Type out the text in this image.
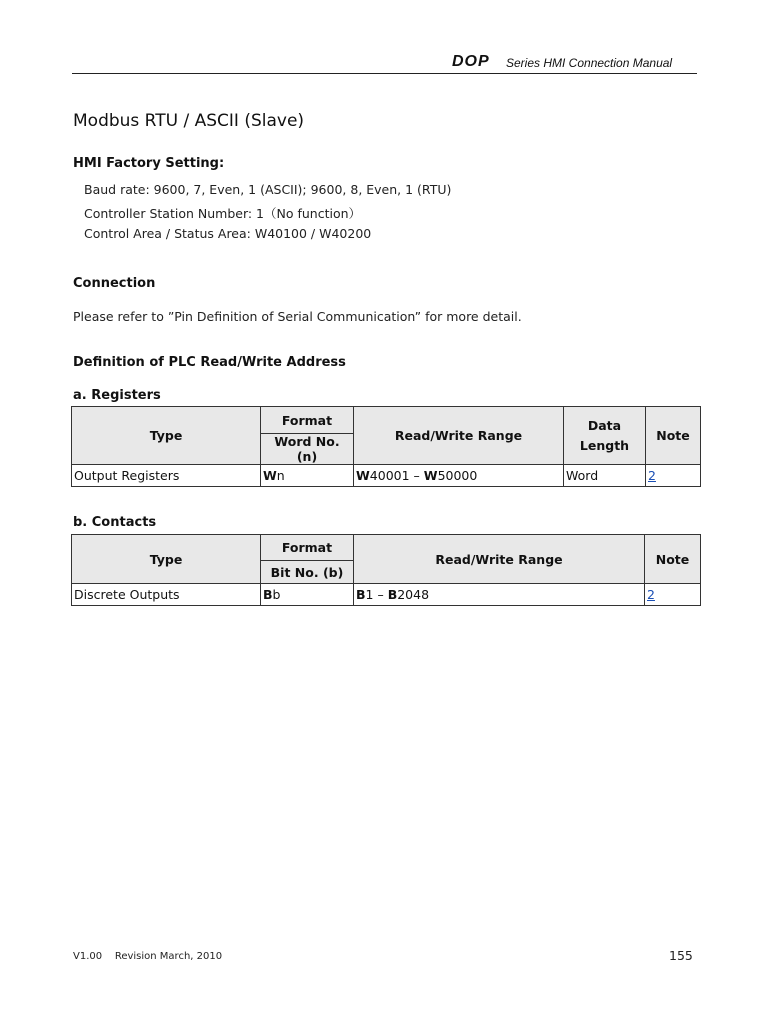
DOP Series HMI Connection Manual
Modbus RTU / ASCII (Slave)
HMI Factory Setting:
Baud rate: 9600, 7, Even, 1 (ASCII); 9600, 8, Even, 1 (RTU)
Controller Station Number: 1（No function）
Control Area / Status Area: W40100 / W40200
Connection
Please refer to ”Pin Definition of Serial Communication” for more detail.
Definition of PLC Read/Write Address
a. Registers
Type	Format	Read/Write Range	Data Length	Note
	Word No. (n)			
Output Registers	Wn	W40001 – W50000	Word	2
b. Contacts
Type	Format	Read/Write Range	Note
	Bit No. (b)		
Discrete Outputs	Bb	B1 – B2048	2
V1.00    Revision March, 2010	155
